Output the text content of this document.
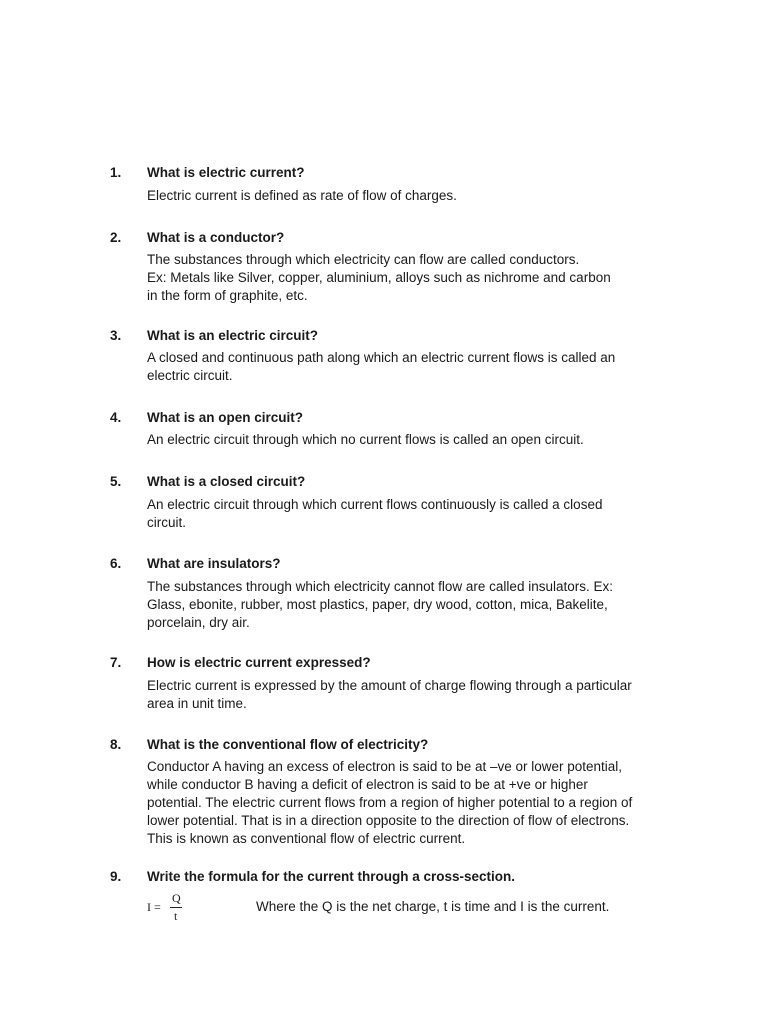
1. What is electric current?
Electric current is defined as rate of flow of charges.
2. What is a conductor?
The substances through which electricity can flow are called conductors.
Ex: Metals like Silver, copper, aluminium, alloys such as nichrome and carbon
in the form of graphite, etc.
3. What is an electric circuit?
A closed and continuous path along which an electric current flows is called an
electric circuit.
4. What is an open circuit?
An electric circuit through which no current flows is called an open circuit.
5. What is a closed circuit?
An electric circuit through which current flows continuously is called a closed
circuit.
6. What are insulators?
The substances through which electricity cannot flow are called insulators. Ex:
Glass, ebonite, rubber, most plastics, paper, dry wood, cotton, mica, Bakelite,
porcelain, dry air.
7. How is electric current expressed?
Electric current is expressed by the amount of charge flowing through a particular
area in unit time.
8. What is the conventional flow of electricity?
Conductor A having an excess of electron is said to be at –ve or lower potential,
while conductor B having a deficit of electron is said to be at +ve or higher
potential. The electric current flows from a region of higher potential to a region of
lower potential. That is in a direction opposite to the direction of flow of electrons.
This is known as conventional flow of electric current.
9. Write the formula for the current through a cross-section.
I =
Q
t
Where the Q is the net charge, t is time and I is the current.
